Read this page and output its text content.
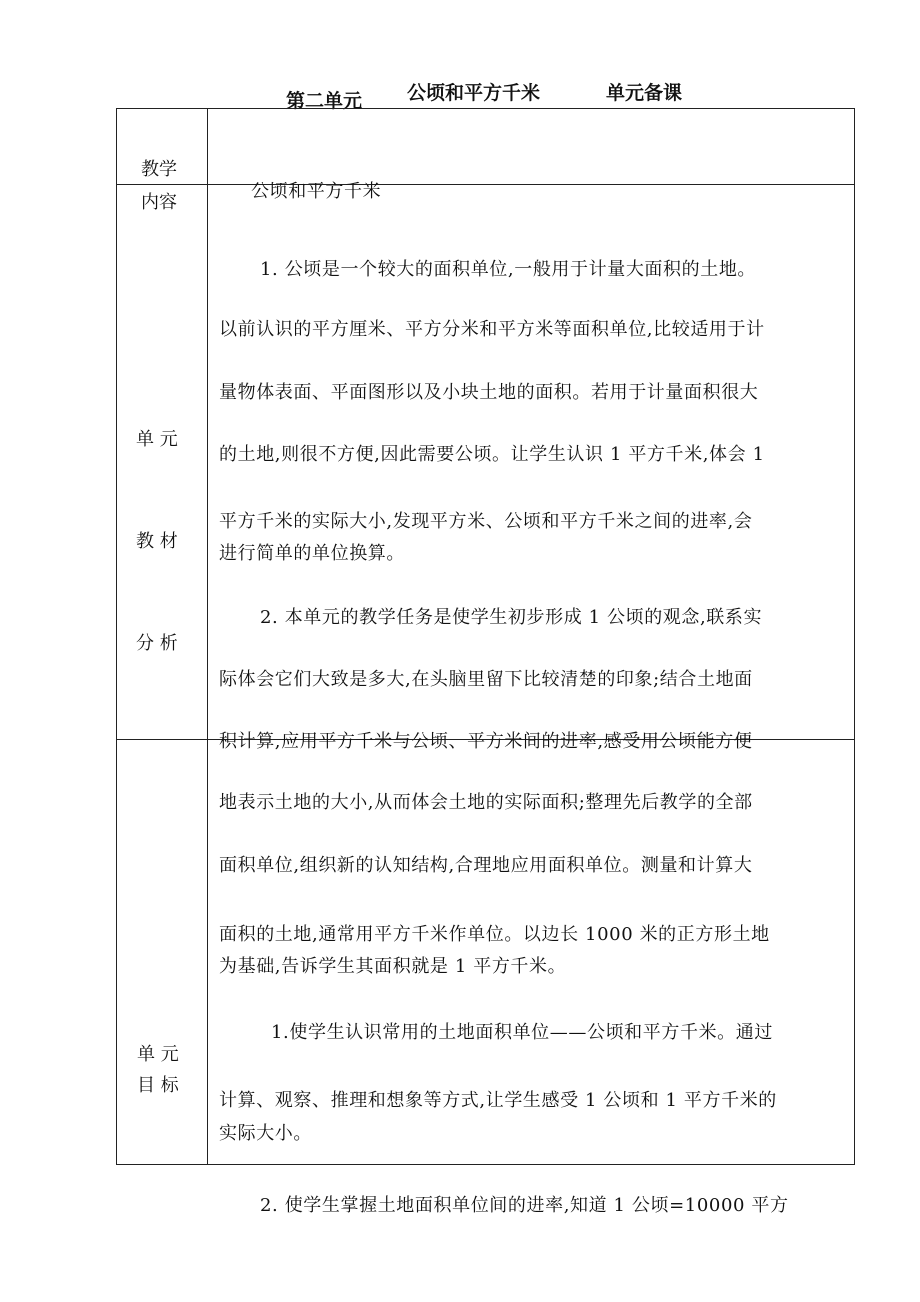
第二单元 公顷和平方千米	单元备课
教学
内容
单 元
教 材
分 析
单 元
目 标
公顷和平方千米
1. 公顷是一个较大的面积单位,一般用于计量大面积的土地。
以前认识的平方厘米、平方分米和平方米等面积单位,比较适用于计
量物体表面、平面图形以及小块土地的面积。若用于计量面积很大
的土地,则很不方便,因此需要公顷。让学生认识 1 平方千米,体会 1
平方千米的实际大小,发现平方米、公顷和平方千米之间的进率,会
进行简单的单位换算。
2. 本单元的教学任务是使学生初步形成 1 公顷的观念,联系实
际体会它们大致是多大,在头脑里留下比较清楚的印象;结合土地面
积计算,应用平方千米与公顷、平方米间的进率,感受用公顷能方便
地表示土地的大小,从而体会土地的实际面积;整理先后教学的全部
面积单位,组织新的认知结构,合理地应用面积单位。测量和计算大
面积的土地,通常用平方千米作单位。以边长 1000 米的正方形土地
为基础,告诉学生其面积就是 1 平方千米。
1.使学生认识常用的土地面积单位——公顷和平方千米。通过
计算、观察、推理和想象等方式,让学生感受 1 公顷和 1 平方千米的
实际大小。
2. 使学生掌握土地面积单位间的进率,知道 1 公顷=10000 平方
